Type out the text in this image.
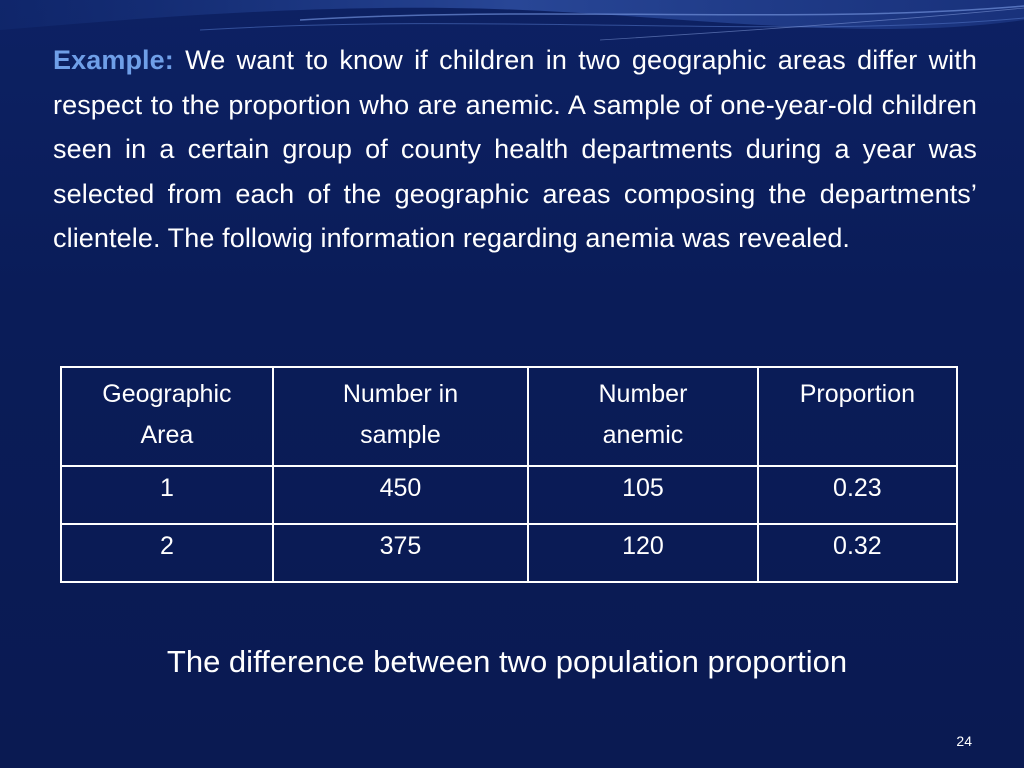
Example: We want to know if children in two geographic areas differ with respect to the proportion who are anemic. A sample of one-year-old children seen in a certain group of county health departments during a year was selected from each of the geographic areas composing the departments’ clientele. The followig information regarding anemia was revealed.
Geographic Area	Number in sample	Number anemic	Proportion
1	450	105	0.23
2	375	120	0.32
The difference between two population proportion
24
